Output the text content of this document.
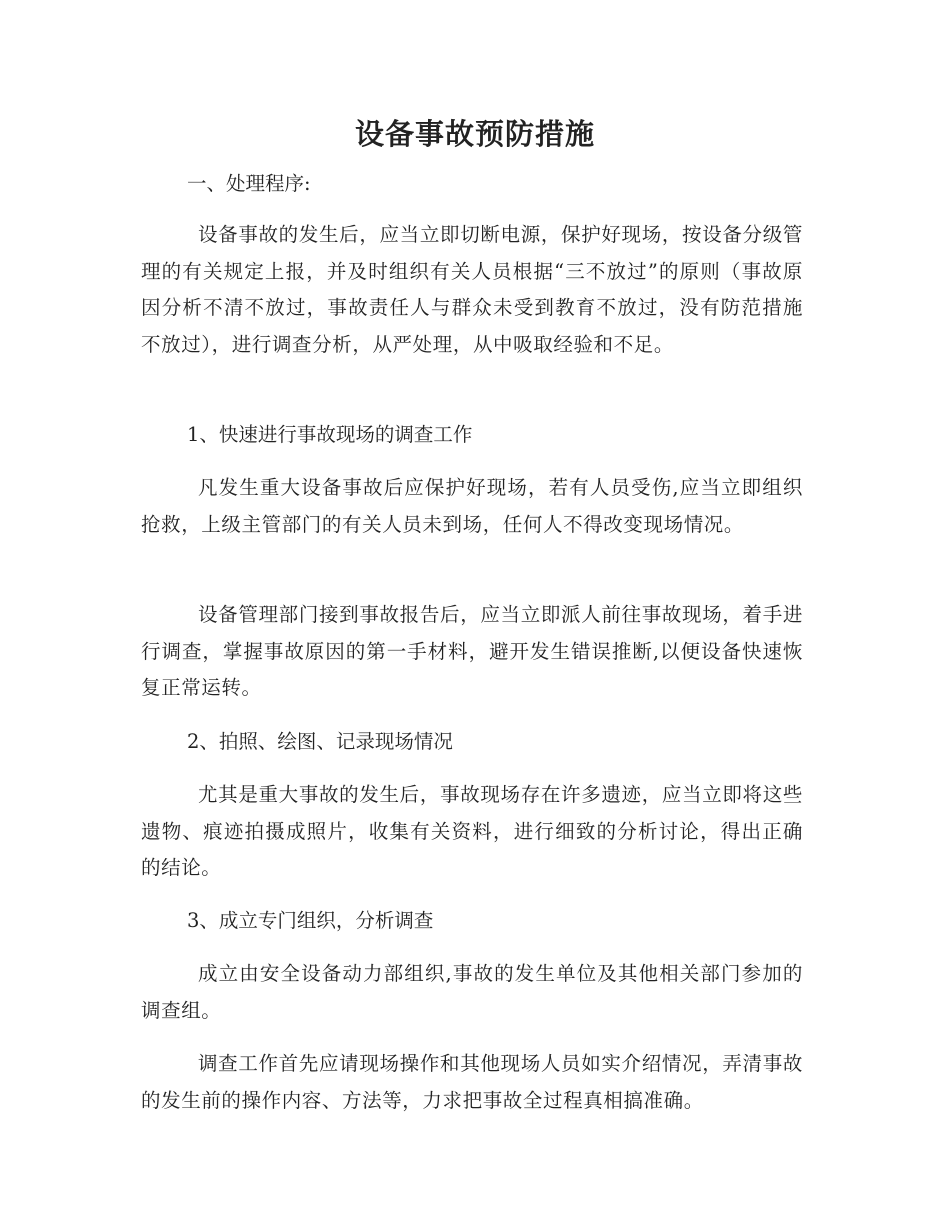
设备事故预防措施

一、处理程序:

设备事故的发生后，应当立即切断电源，保护好现场，按设备分级管理的有关规定上报，并及时组织有关人员根据“三不放过”的原则（事故原因分析不清不放过，事故责任人与群众未受到教育不放过，没有防范措施不放过），进行调查分析，从严处理，从中吸取经验和不足。

1、快速进行事故现场的调查工作

凡发生重大设备事故后应保护好现场，若有人员受伤,应当立即组织抢救，上级主管部门的有关人员未到场，任何人不得改变现场情况。

设备管理部门接到事故报告后，应当立即派人前往事故现场，着手进行调查，掌握事故原因的第一手材料，避开发生错误推断,以便设备快速恢复正常运转。

2、拍照、绘图、记录现场情况

尤其是重大事故的发生后，事故现场存在许多遗迹，应当立即将这些遗物、痕迹拍摄成照片，收集有关资料，进行细致的分析讨论，得出正确的结论。

3、成立专门组织，分析调查

成立由安全设备动力部组织,事故的发生单位及其他相关部门参加的调查组。

调查工作首先应请现场操作和其他现场人员如实介绍情况，弄清事故的发生前的操作内容、方法等，力求把事故全过程真相搞准确。
